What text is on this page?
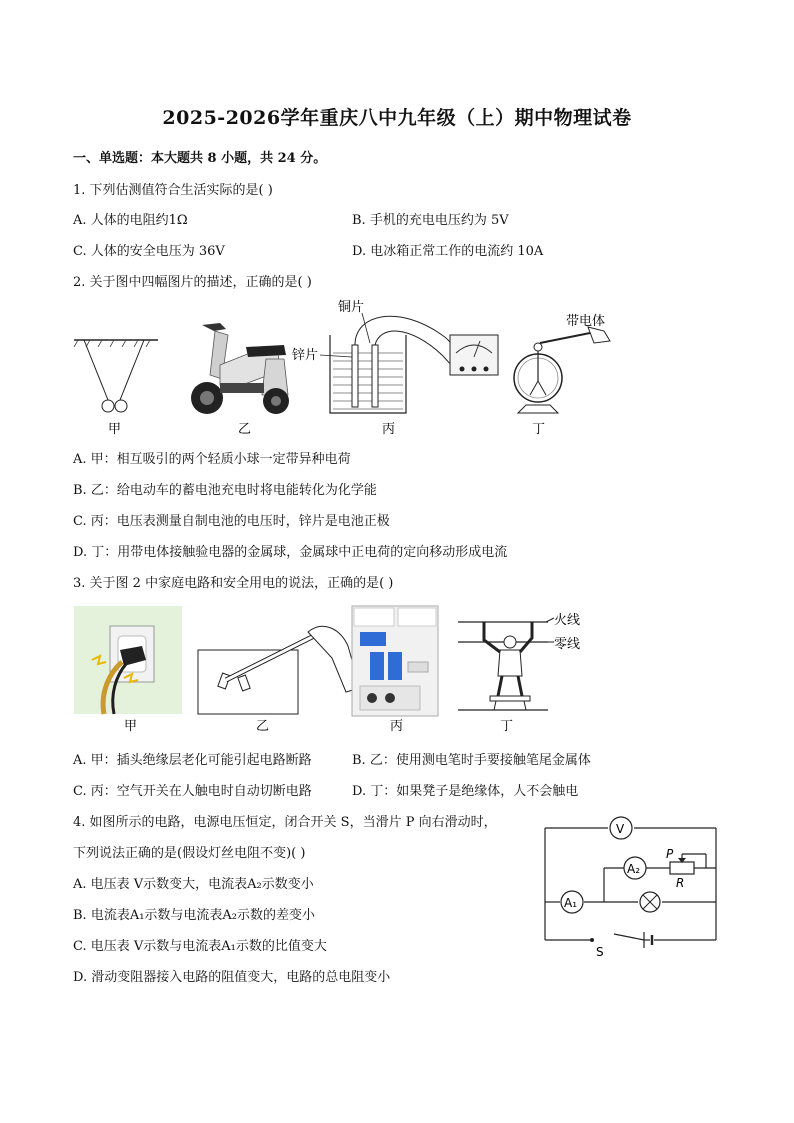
2025-2026学年重庆八中九年级（上）期中物理试卷
一、单选题：本大题共 8 小题，共 24 分。
1. 下列估测值符合生活实际的是( )
A. 人体的电阻约1Ω	B. 手机的充电电压约为 5V
C. 人体的安全电压为 36V	D. 电冰箱正常工作的电流约 10A
2. 关于图中四幅图片的描述，正确的是( )
铜片
锌片
带电体
甲	乙	丙	丁
A. 甲：相互吸引的两个轻质小球一定带异种电荷
B. 乙：给电动车的蓄电池充电时将电能转化为化学能
C. 丙：电压表测量自制电池的电压时，锌片是电池正极
D. 丁：用带电体接触验电器的金属球，金属球中正电荷的定向移动形成电流
3. 关于图 2 中家庭电路和安全用电的说法，正确的是( )
火线
零线
甲	乙	丙	丁
A. 甲：插头绝缘层老化可能引起电路断路	B. 乙：使用测电笔时手要接触笔尾金属体
C. 丙：空气开关在人触电时自动切断电路	D. 丁：如果凳子是绝缘体，人不会触电
4. 如图所示的电路，电源电压恒定，闭合开关 S，当滑片 P 向右滑动时，
下列说法正确的是(假设灯丝电阻不变)( )
A. 电压表 V示数变大，电流表A₂示数变小
B. 电流表A₁示数与电流表A₂示数的差变小
C. 电压表 V示数与电流表A₁示数的比值变大
D. 滑动变阻器接入电路的阻值变大，电路的总电阻变小
V
A₂
A₁
P
R
S
